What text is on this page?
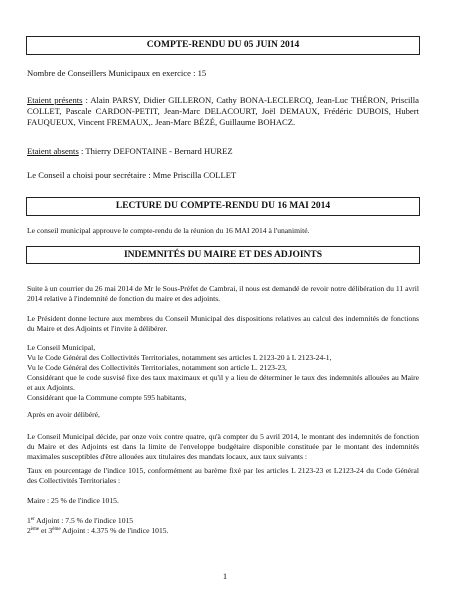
COMPTE-RENDU DU 05 JUIN 2014
Nombre de Conseillers Municipaux en exercice : 15
Etaient présents : Alain PARSY, Didier GILLERON, Cathy BONA-LECLERCQ, Jean-Luc THÉRON, Priscilla COLLET, Pascale CARDON-PETIT, Jean-Marc DELACOURT, Joël DEMAUX, Frédéric DUBOIS, Hubert FAUQUEUX, Vincent FREMAUX,. Jean-Marc BÉZÉ, Guillaume BOHACZ.
Etaient absents : Thierry DEFONTAINE - Bernard HUREZ
Le Conseil a choisi pour secrétaire : Mme Priscilla COLLET
LECTURE DU COMPTE-RENDU DU 16 MAI 2014
Le conseil municipal approuve le compte-rendu de la réunion du 16 MAI 2014 à l'unanimité.
INDEMNITÉS DU MAIRE ET DES ADJOINTS
Suite à un courrier du 26 mai 2014 de Mr le Sous-Préfet de Cambrai, il nous est demandé de revoir notre délibération du 11 avril 2014 relative à l'indemnité de fonction du maire et des adjoints.
Le Président donne lecture aux membres du Conseil Municipal des dispositions relatives au calcul des indemnités de fonctions du Maire et des Adjoints et l'invite à délibérer.
Le Conseil Municipal,
Vu le Code Général des Collectivités Territoriales, notamment ses articles L 2123-20 à L 2123-24-1,
Vu le Code Général des Collectivités Territoriales, notamment son article L. 2123-23,
Considérant que le code susvisé fixe des taux maximaux et qu'il y a lieu de déterminer le taux des indemnités allouées au Maire et aux Adjoints.
Considérant que la Commune compte 595 habitants,
Après en avoir délibéré,
Le Conseil Municipal décide, par onze voix contre quatre, qu'à compter du 5 avril 2014, le montant des indemnités de fonction du Maire et des Adjoints est dans la limite de l'enveloppe budgétaire disponible constituée par le montant des indemnités maximales susceptibles d'être allouées aux titulaires des mandats locaux, aux taux suivants :
Taux en pourcentage de l'indice 1015, conformément au barème fixé par les articles L 2123-23 et L2123-24 du Code Général des Collectivités Territoriales :
Maire : 25 % de l'indice 1015.
1er Adjoint : 7.5 % de l'indice 1015
2ème et 3ème Adjoint : 4.375 % de l'indice 1015.
1
